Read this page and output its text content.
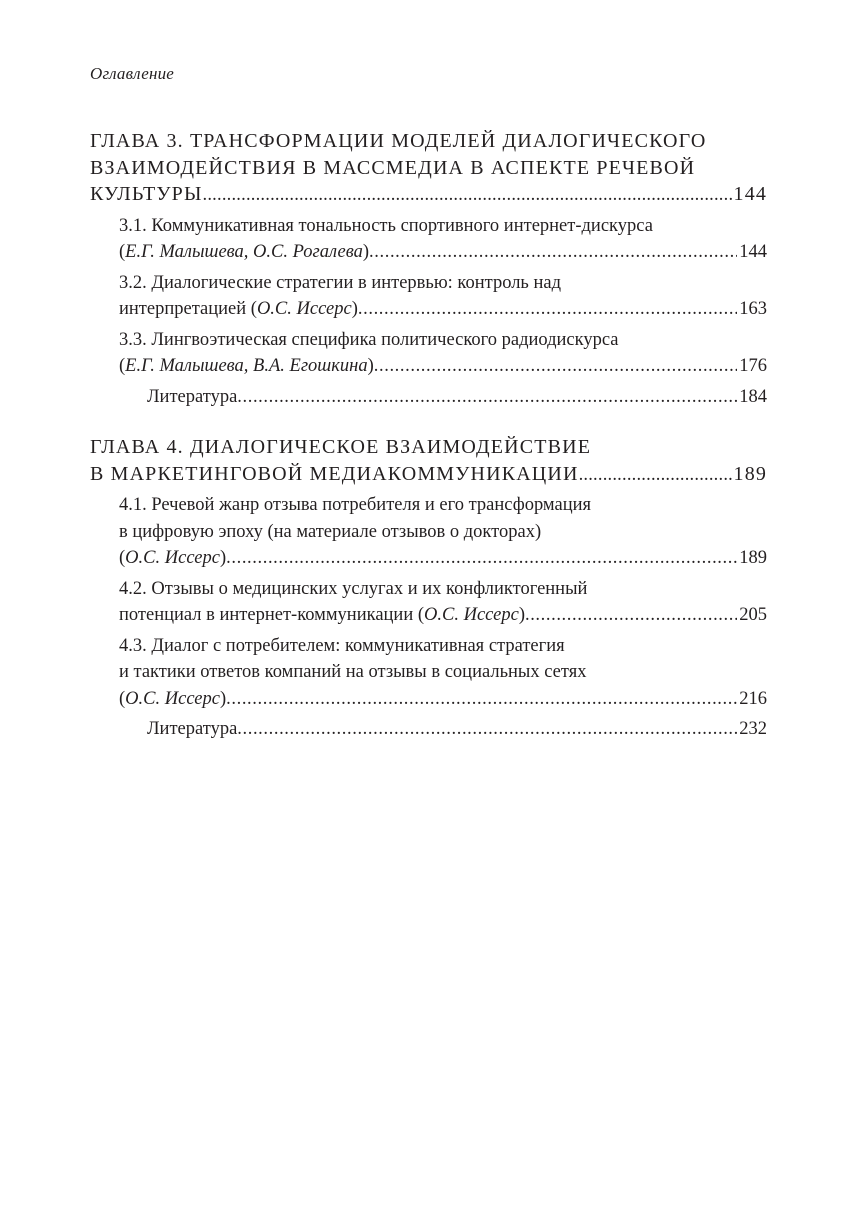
Оглавление
ГЛАВА 3. ТРАНСФОРМАЦИИ МОДЕЛЕЙ ДИАЛОГИЧЕСКОГО
ВЗАИМОДЕЙСТВИЯ В МАССМЕДИА В АСПЕКТЕ РЕЧЕВОЙ
КУЛЬТУРЫ .....	144
3.1. Коммуникативная тональность спортивного интернет-дискурса
(Е.Г. Малышева, О.С. Рогалева) .....	144
3.2. Диалогические стратегии в интервью: контроль над
интерпретацией (О.С. Иссерс) .....	163
3.3. Лингвоэтическая специфика политического радиодискурса
(Е.Г. Малышева, В.А. Егошкина) .....	176
Литература .....	184
ГЛАВА 4. ДИАЛОГИЧЕСКОЕ ВЗАИМОДЕЙСТВИЕ
В МАРКЕТИНГОВОЙ МЕДИАКОММУНИКАЦИИ .....	189
4.1. Речевой жанр отзыва потребителя и его трансформация
в цифровую эпоху (на материале отзывов о докторах)
(О.С. Иссерс) .....	189
4.2. Отзывы о медицинских услугах и их конфликтогенный
потенциал в интернет-коммуникации (О.С. Иссерс) .....	205
4.3. Диалог с потребителем: коммуникативная стратегия
и тактики ответов компаний на отзывы в социальных сетях
(О.С. Иссерс) .....	216
Литература .....	232
